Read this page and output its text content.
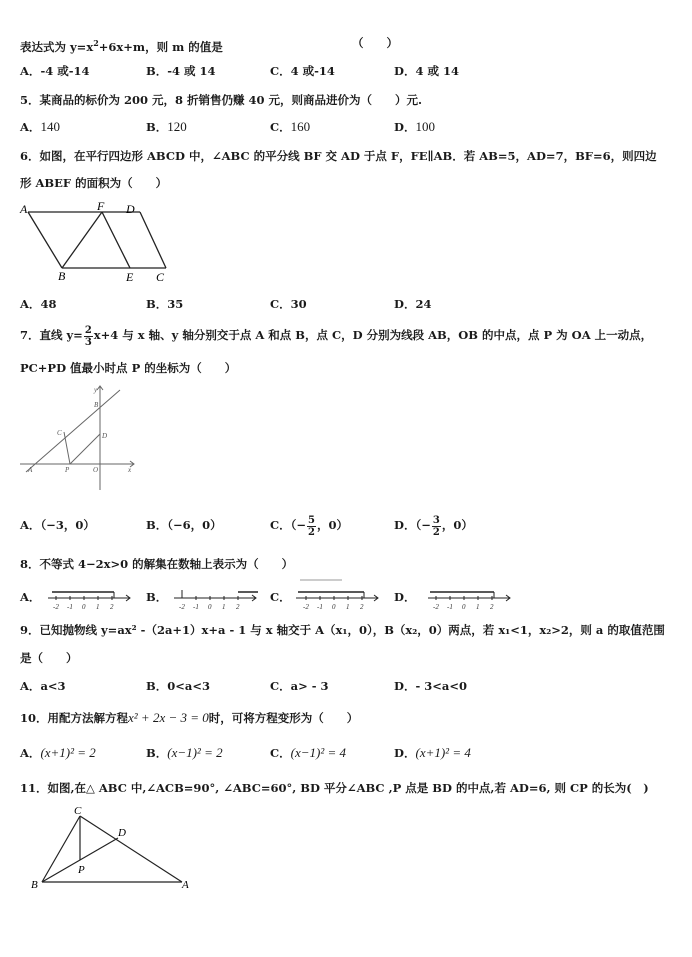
表达式为 $y=x^2+6x+m$，则 m 的值是	（　　）
A．-4 或-14	B．-4 或 14	C．4 或-14	D．4 或 14
5．某商品的标价为 200 元，8 折销售仍赚 40 元，则商品进价为（　　）元.
A．140	B．120	C．160	D．100
6．如图，在平行四边形 ABCD 中，∠ABC 的平分线 BF 交 AD 于点 F，FE∥AB．若 AB=5，AD=7，BF=6，则四边
形 ABEF 的面积为（　　）
A	F D
B	E C
A．48	B．35	C．30	D．24
7．直线 $y= \frac{2}{3} x+4$ 与 x 轴、y 轴分别交于点 A 和点 B，点 C，D 分别为线段 AB，OB 的中点，点 P 为 OA 上一动点，
PC+PD 值最小时点 P 的坐标为（　　）
y
B
C	D
A	P	O	x
A．（−3，0）	B．（−6，0）	C．（− $\frac{5}{2}$ ，0）	D．（− $\frac{3}{2}$ ，0）
8．不等式 4−2x>0 的解集在数轴上表示为（　　）
A．	B．	C．	D．
-2 -1 0 1 2	-2 -1 0 1 2	-2 -1 0 1 2	-2 -1 0 1 2
9．已知抛物线 y=ax² -（2a+1）x+a - 1 与 x 轴交于 A（x₁，0），B（x₂，0）两点，若 x₁<1，x₂>2，则 a 的取值范围
是（　　）
A．a<3	B．0<a<3	C．a> - 3	D．- 3<a<0
10．用配方法解方程x² + 2x − 3 = 0时，可将方程变形为（　　）
A．(x+1)² = 2	B．(x−1)² = 2	C．(x−1)² = 4	D．(x+1)² = 4
11．如图,在△ ABC 中,∠ACB=90°, ∠ABC=60°, BD 平分∠ABC ,P 点是 BD 的中点,若 AD=6, 则 CP 的长为(　)
C
D
P
B	A
